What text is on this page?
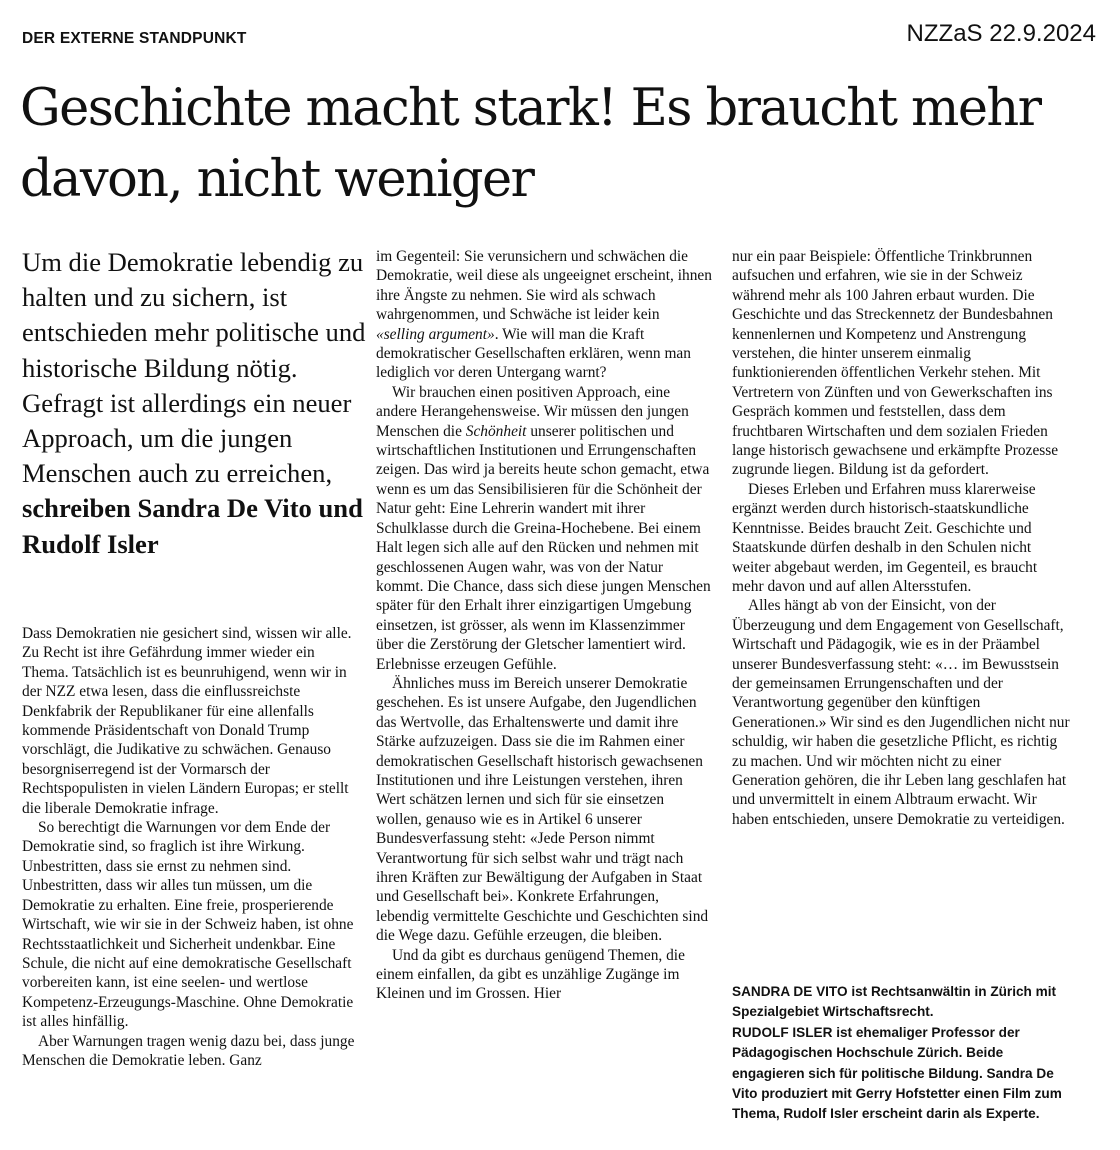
DER EXTERNE STANDPUNKT	NZZaS 22.9.2024
Geschichte macht stark! Es braucht mehr davon, nicht weniger

Um die Demokratie lebendig zu halten und zu sichern, ist entschieden mehr politische und historische Bildung nötig. Gefragt ist allerdings ein neuer Approach, um die jungen Menschen auch zu erreichen, schreiben Sandra De Vito und Rudolf Isler

Dass Demokratien nie gesichert sind, wissen wir alle. Zu Recht ist ihre Gefährdung immer wieder ein Thema. Tatsächlich ist es beunruhigend, wenn wir in der NZZ etwa lesen, dass die einflussreichste Denkfabrik der Republikaner für eine allenfalls kommende Präsidentschaft von Donald Trump vorschlägt, die Judikative zu schwächen. Genauso besorgniserregend ist der Vormarsch der Rechtspopulisten in vielen Ländern Europas; er stellt die liberale Demokratie infrage.

So berechtigt die Warnungen vor dem Ende der Demokratie sind, so fraglich ist ihre Wirkung. Unbestritten, dass sie ernst zu nehmen sind. Unbestritten, dass wir alles tun müssen, um die Demokratie zu erhalten. Eine freie, prosperierende Wirtschaft, wie wir sie in der Schweiz haben, ist ohne Rechtsstaatlichkeit und Sicherheit undenkbar. Eine Schule, die nicht auf eine demokratische Gesellschaft vorbereiten kann, ist eine seelen- und wertlose Kompetenz-Erzeugungs-Maschine. Ohne Demokratie ist alles hinfällig.

Aber Warnungen tragen wenig dazu bei, dass junge Menschen die Demokratie leben. Ganz

im Gegenteil: Sie verunsichern und schwächen die Demokratie, weil diese als ungeeignet erscheint, ihnen ihre Ängste zu nehmen. Sie wird als schwach wahrgenommen, und Schwäche ist leider kein «selling argument». Wie will man die Kraft demokratischer Gesellschaften erklären, wenn man lediglich vor deren Untergang warnt?

Wir brauchen einen positiven Approach, eine andere Herangehensweise. Wir müssen den jungen Menschen die Schönheit unserer politischen und wirtschaftlichen Institutionen und Errungenschaften zeigen. Das wird ja bereits heute schon gemacht, etwa wenn es um das Sensibilisieren für die Schönheit der Natur geht: Eine Lehrerin wandert mit ihrer Schulklasse durch die Greina-Hochebene. Bei einem Halt legen sich alle auf den Rücken und nehmen mit geschlossenen Augen wahr, was von der Natur kommt. Die Chance, dass sich diese jungen Menschen später für den Erhalt ihrer einzigartigen Umgebung einsetzen, ist grösser, als wenn im Klassenzimmer über die Zerstörung der Gletscher lamentiert wird. Erlebnisse erzeugen Gefühle.

Ähnliches muss im Bereich unserer Demokratie geschehen. Es ist unsere Aufgabe, den Jugendlichen das Wertvolle, das Erhaltenswerte und damit ihre Stärke aufzuzeigen. Dass sie die im Rahmen einer demokratischen Gesellschaft historisch gewachsenen Institutionen und ihre Leistungen verstehen, ihren Wert schätzen lernen und sich für sie einsetzen wollen, genauso wie es in Artikel 6 unserer Bundesverfassung steht: «Jede Person nimmt Verantwortung für sich selbst wahr und trägt nach ihren Kräften zur Bewältigung der Aufgaben in Staat und Gesellschaft bei». Konkrete Erfahrungen, lebendig vermittelte Geschichte und Geschichten sind die Wege dazu. Gefühle erzeugen, die bleiben.

Und da gibt es durchaus genügend Themen, die einem einfallen, da gibt es unzählige Zugänge im Kleinen und im Grossen. Hier

nur ein paar Beispiele: Öffentliche Trinkbrunnen aufsuchen und erfahren, wie sie in der Schweiz während mehr als 100 Jahren erbaut wurden. Die Geschichte und das Streckennetz der Bundesbahnen kennenlernen und Kompetenz und Anstrengung verstehen, die hinter unserem einmalig funktionierenden öffentlichen Verkehr stehen. Mit Vertretern von Zünften und von Gewerkschaften ins Gespräch kommen und feststellen, dass dem fruchtbaren Wirtschaften und dem sozialen Frieden lange historisch gewachsene und erkämpfte Prozesse zugrunde liegen. Bildung ist da gefordert.

Dieses Erleben und Erfahren muss klarerweise ergänzt werden durch historisch-staatskundliche Kenntnisse. Beides braucht Zeit. Geschichte und Staatskunde dürfen deshalb in den Schulen nicht weiter abgebaut werden, im Gegenteil, es braucht mehr davon und auf allen Altersstufen.

Alles hängt ab von der Einsicht, von der Überzeugung und dem Engagement von Gesellschaft, Wirtschaft und Pädagogik, wie es in der Präambel unserer Bundesverfassung steht: «… im Bewusstsein der gemeinsamen Errungenschaften und der Verantwortung gegenüber den künftigen Generationen.» Wir sind es den Jugendlichen nicht nur schuldig, wir haben die gesetzliche Pflicht, es richtig zu machen. Und wir möchten nicht zu einer Generation gehören, die ihr Leben lang geschlafen hat und unvermittelt in einem Albtraum erwacht. Wir haben entschieden, unsere Demokratie zu verteidigen.

SANDRA DE VITO ist Rechtsanwältin in Zürich mit Spezialgebiet Wirtschaftsrecht.

RUDOLF ISLER ist ehemaliger Professor der Pädagogischen Hochschule Zürich. Beide engagieren sich für politische Bildung. Sandra De Vito produziert mit Gerry Hofstetter einen Film zum Thema, Rudolf Isler erscheint darin als Experte.
